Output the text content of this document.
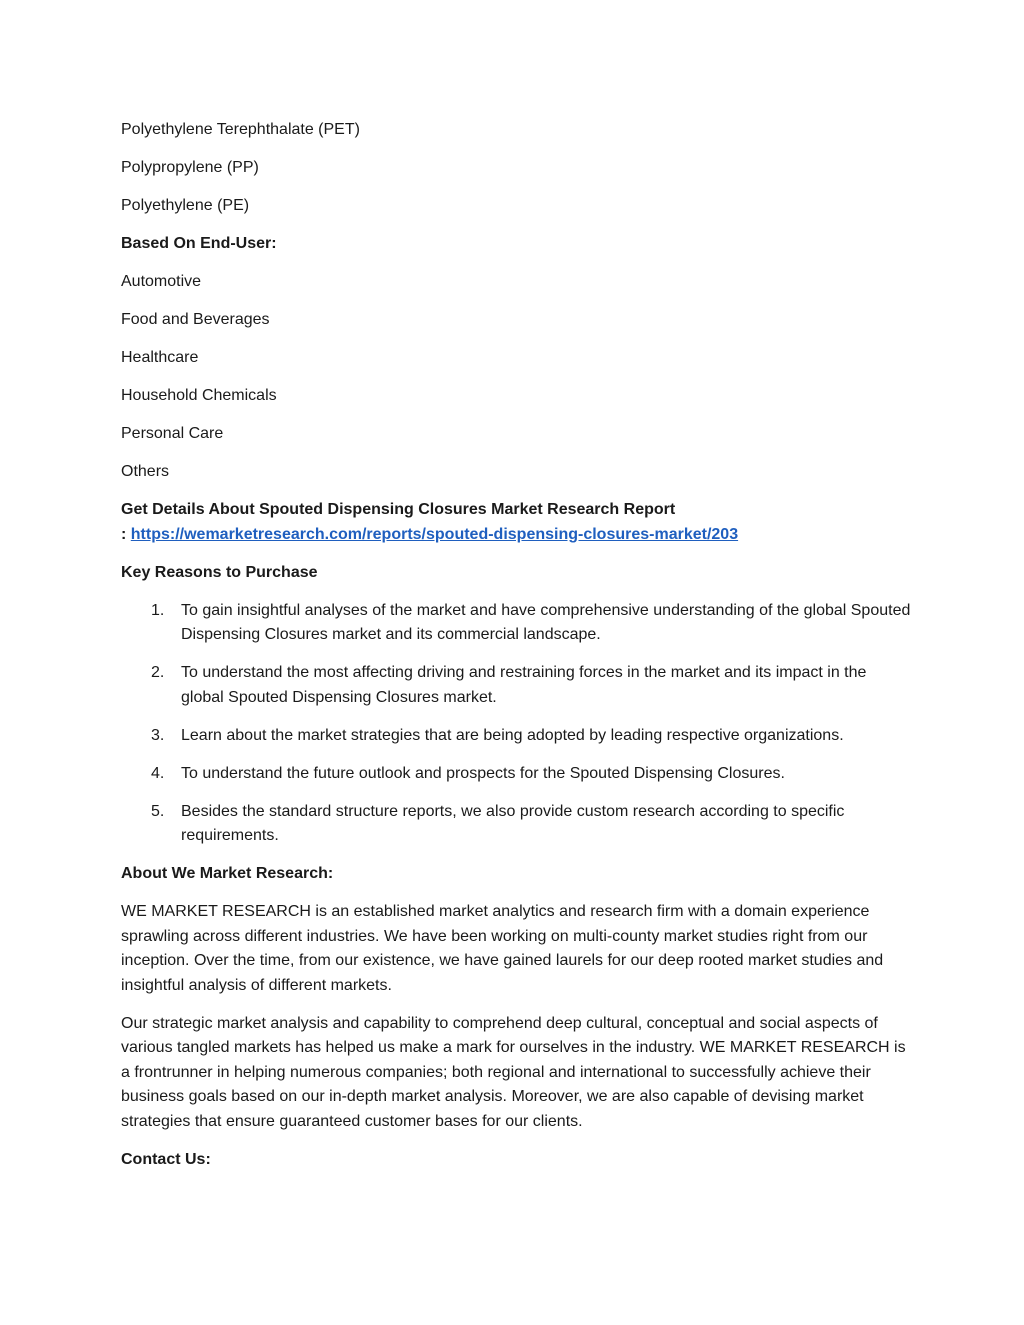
Polyethylene Terephthalate (PET)

Polypropylene (PP)

Polyethylene (PE)

Based On End-User:

Automotive

Food and Beverages

Healthcare

Household Chemicals

Personal Care

Others

Get Details About Spouted Dispensing Closures Market Research Report
: https://wemarketresearch.com/reports/spouted-dispensing-closures-market/203

Key Reasons to Purchase

1. To gain insightful analyses of the market and have comprehensive understanding of the global Spouted Dispensing Closures market and its commercial landscape.
2. To understand the most affecting driving and restraining forces in the market and its impact in the global Spouted Dispensing Closures market.
3. Learn about the market strategies that are being adopted by leading respective organizations.
4. To understand the future outlook and prospects for the Spouted Dispensing Closures.
5. Besides the standard structure reports, we also provide custom research according to specific requirements.

About We Market Research:

WE MARKET RESEARCH is an established market analytics and research firm with a domain experience sprawling across different industries. We have been working on multi-county market studies right from our inception. Over the time, from our existence, we have gained laurels for our deep rooted market studies and insightful analysis of different markets.

Our strategic market analysis and capability to comprehend deep cultural, conceptual and social aspects of various tangled markets has helped us make a mark for ourselves in the industry. WE MARKET RESEARCH is a frontrunner in helping numerous companies; both regional and international to successfully achieve their business goals based on our in-depth market analysis. Moreover, we are also capable of devising market strategies that ensure guaranteed customer bases for our clients.

Contact Us:
